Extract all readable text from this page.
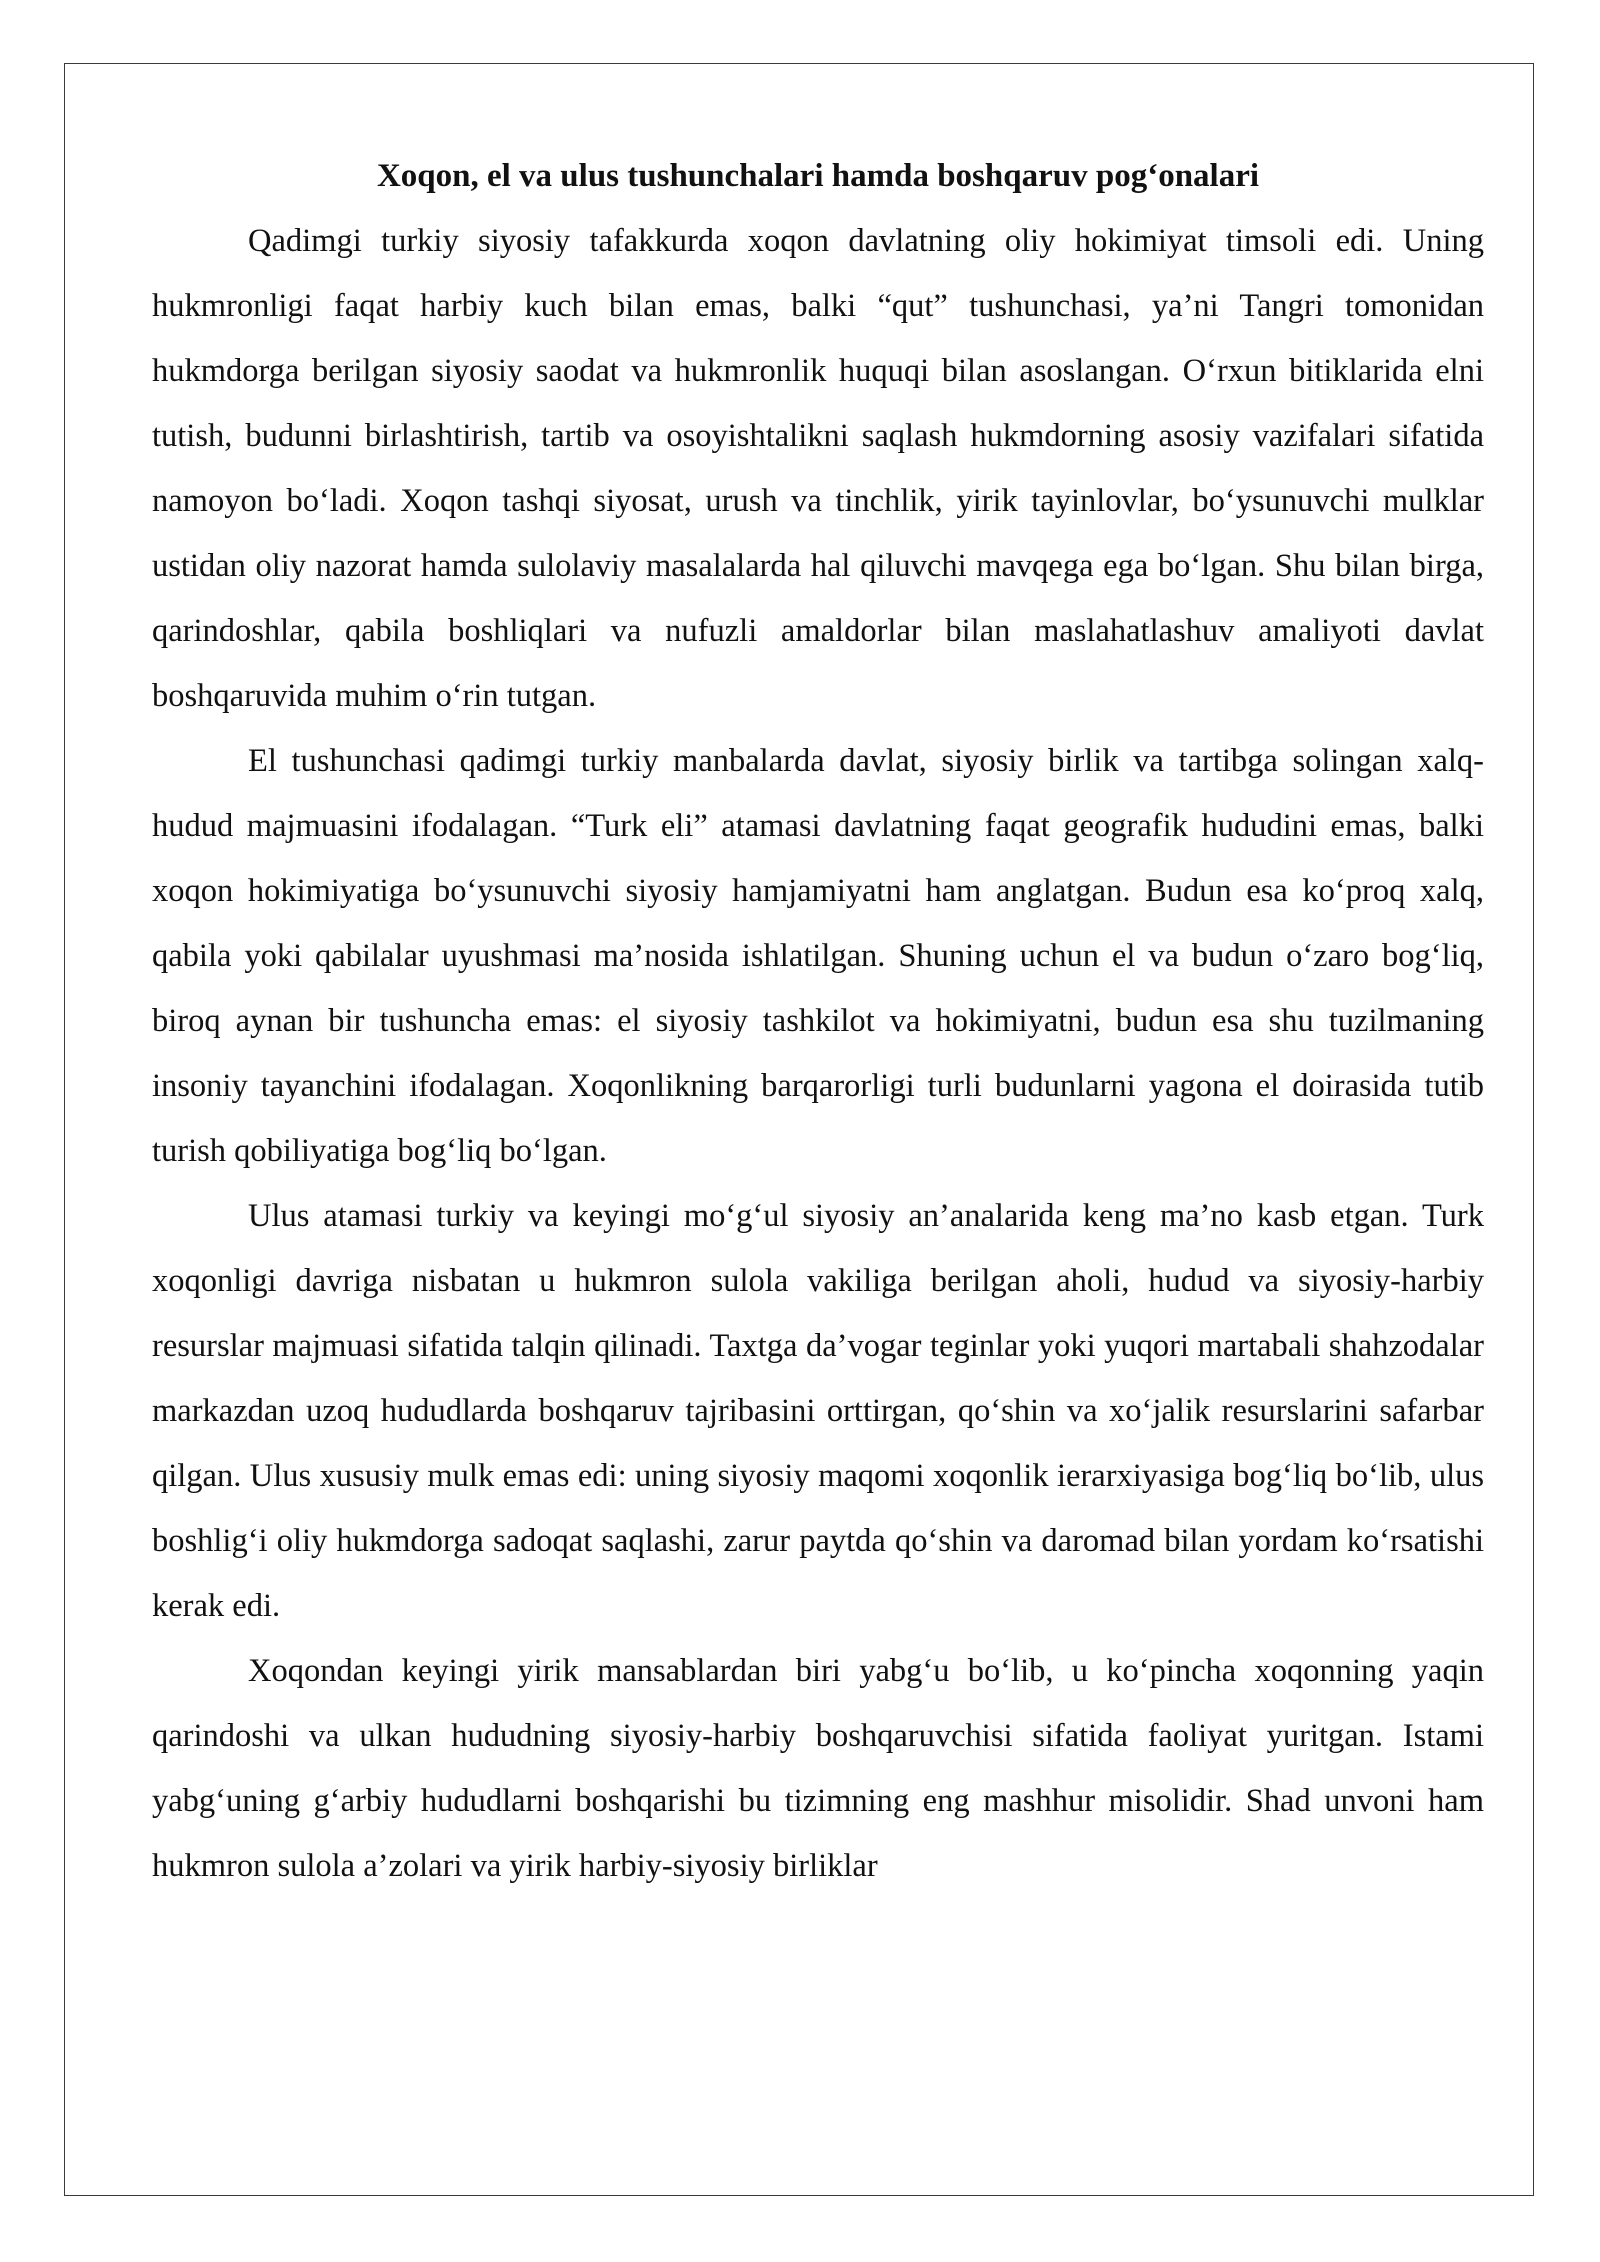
Xoqon, el va ulus tushunchalari hamda boshqaruv pog‘onalari

Qadimgi turkiy siyosiy tafakkurda xoqon davlatning oliy hokimiyat timsoli edi. Uning hukmronligi faqat harbiy kuch bilan emas, balki “qut” tushunchasi, ya’ni Tangri tomonidan hukmdorga berilgan siyosiy saodat va hukmronlik huquqi bilan asoslangan. O‘rxun bitiklarida elni tutish, budunni birlashtirish, tartib va osoyishtalikni saqlash hukmdorning asosiy vazifalari sifatida namoyon bo‘ladi. Xoqon tashqi siyosat, urush va tinchlik, yirik tayinlovlar, bo‘ysunuvchi mulklar ustidan oliy nazorat hamda sulolaviy masalalarda hal qiluvchi mavqega ega bo‘lgan. Shu bilan birga, qarindoshlar, qabila boshliqlari va nufuzli amaldorlar bilan maslahatlashuv amaliyoti davlat boshqaruvida muhim o‘rin tutgan.

El tushunchasi qadimgi turkiy manbalarda davlat, siyosiy birlik va tartibga solingan xalq-hudud majmuasini ifodalagan. “Turk eli” atamasi davlatning faqat geografik hududini emas, balki xoqon hokimiyatiga bo‘ysunuvchi siyosiy hamjamiyatni ham anglatgan. Budun esa ko‘proq xalq, qabila yoki qabilalar uyushmasi ma’nosida ishlatilgan. Shuning uchun el va budun o‘zaro bog‘liq, biroq aynan bir tushuncha emas: el siyosiy tashkilot va hokimiyatni, budun esa shu tuzilmaning insoniy tayanchini ifodalagan. Xoqonlikning barqarorligi turli budunlarni yagona el doirasida tutib turish qobiliyatiga bog‘liq bo‘lgan.

Ulus atamasi turkiy va keyingi mo‘g‘ul siyosiy an’analarida keng ma’no kasb etgan. Turk xoqonligi davriga nisbatan u hukmron sulola vakiliga berilgan aholi, hudud va siyosiy-harbiy resurslar majmuasi sifatida talqin qilinadi. Taxtga da’vogar teginlar yoki yuqori martabali shahzodalar markazdan uzoq hududlarda boshqaruv tajribasini orttirgan, qo‘shin va xo‘jalik resurslarini safarbar qilgan. Ulus xususiy mulk emas edi: uning siyosiy maqomi xoqonlik ierarxiyasiga bog‘liq bo‘lib, ulus boshlig‘i oliy hukmdorga sadoqat saqlashi, zarur paytda qo‘shin va daromad bilan yordam ko‘rsatishi kerak edi.

Xoqondan keyingi yirik mansablardan biri yabg‘u bo‘lib, u ko‘pincha xoqonning yaqin qarindoshi va ulkan hududning siyosiy-harbiy boshqaruvchisi sifatida faoliyat yuritgan. Istami yabg‘uning g‘arbiy hududlarni boshqarishi bu tizimning eng mashhur misolidir. Shad unvoni ham hukmron sulola a’zolari va yirik harbiy-siyosiy birliklar
